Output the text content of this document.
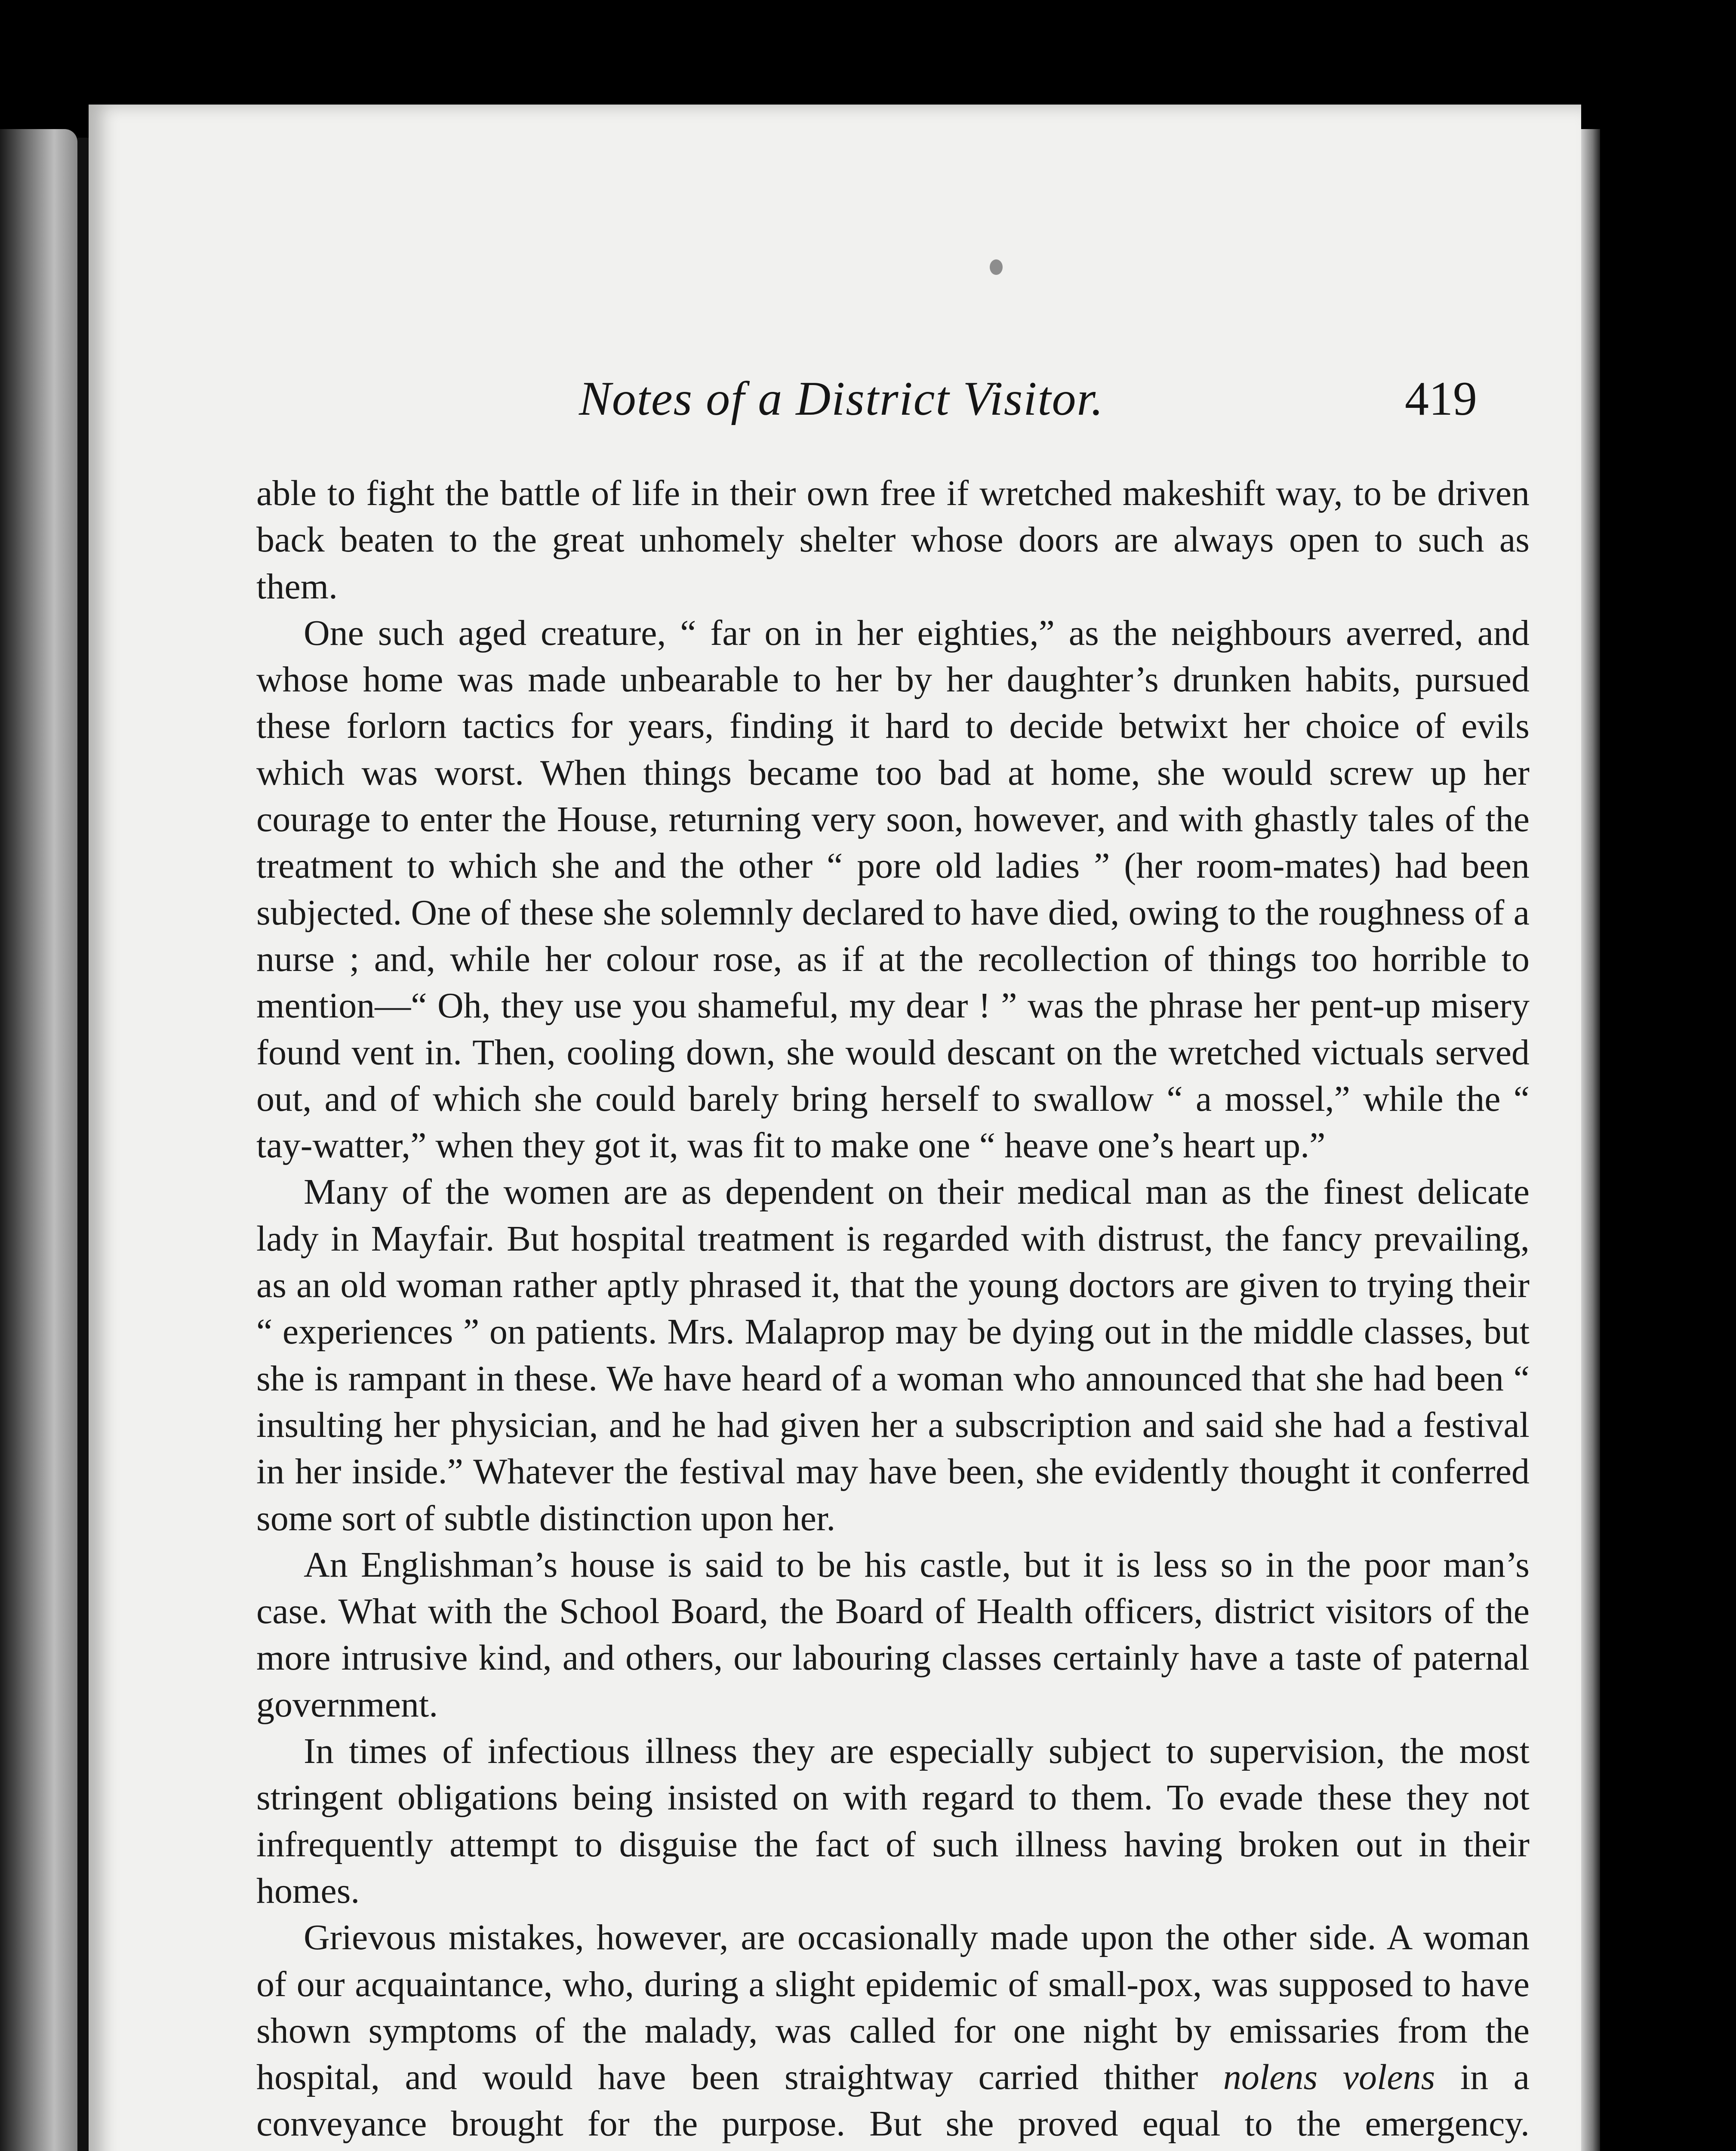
Notes of a District Visitor.	419

able to fight the battle of life in their own free if wretched makeshift way, to be driven back beaten to the great unhomely shelter whose doors are always open to such as them.

One such aged creature, “ far on in her eighties,” as the neighbours averred, and whose home was made unbearable to her by her daughter’s drunken habits, pursued these forlorn tactics for years, finding it hard to decide betwixt her choice of evils which was worst. When things became too bad at home, she would screw up her courage to enter the House, returning very soon, however, and with ghastly tales of the treatment to which she and the other “ pore old ladies ” (her room-mates) had been subjected. One of these she solemnly declared to have died, owing to the roughness of a nurse ; and, while her colour rose, as if at the recollection of things too horrible to mention—“ Oh, they use you shameful, my dear ! ” was the phrase her pent-up misery found vent in. Then, cooling down, she would descant on the wretched victuals served out, and of which she could barely bring herself to swallow “ a mossel,” while the “ tay-watter,” when they got it, was fit to make one “ heave one’s heart up.”

Many of the women are as dependent on their medical man as the finest delicate lady in Mayfair. But hospital treatment is regarded with distrust, the fancy prevailing, as an old woman rather aptly phrased it, that the young doctors are given to trying their “ experiences ” on patients. Mrs. Malaprop may be dying out in the middle classes, but she is rampant in these. We have heard of a woman who announced that she had been “ insulting her physician, and he had given her a subscription and said she had a festival in her inside.” Whatever the festival may have been, she evidently thought it conferred some sort of subtle distinction upon her.

An Englishman’s house is said to be his castle, but it is less so in the poor man’s case. What with the School Board, the Board of Health officers, district visitors of the more intrusive kind, and others, our labouring classes certainly have a taste of paternal government.

In times of infectious illness they are especially subject to supervision, the most stringent obligations being insisted on with regard to them. To evade these they not infrequently attempt to disguise the fact of such illness having broken out in their homes.

Grievous mistakes, however, are occasionally made upon the other side. A woman of our acquaintance, who, during a slight epidemic of small-pox, was supposed to have shown symptoms of the malady, was called for one night by emissaries from the hospital, and would have been straightway carried thither nolens volens in a conveyance brought for the purpose. But she proved equal to the emergency.
